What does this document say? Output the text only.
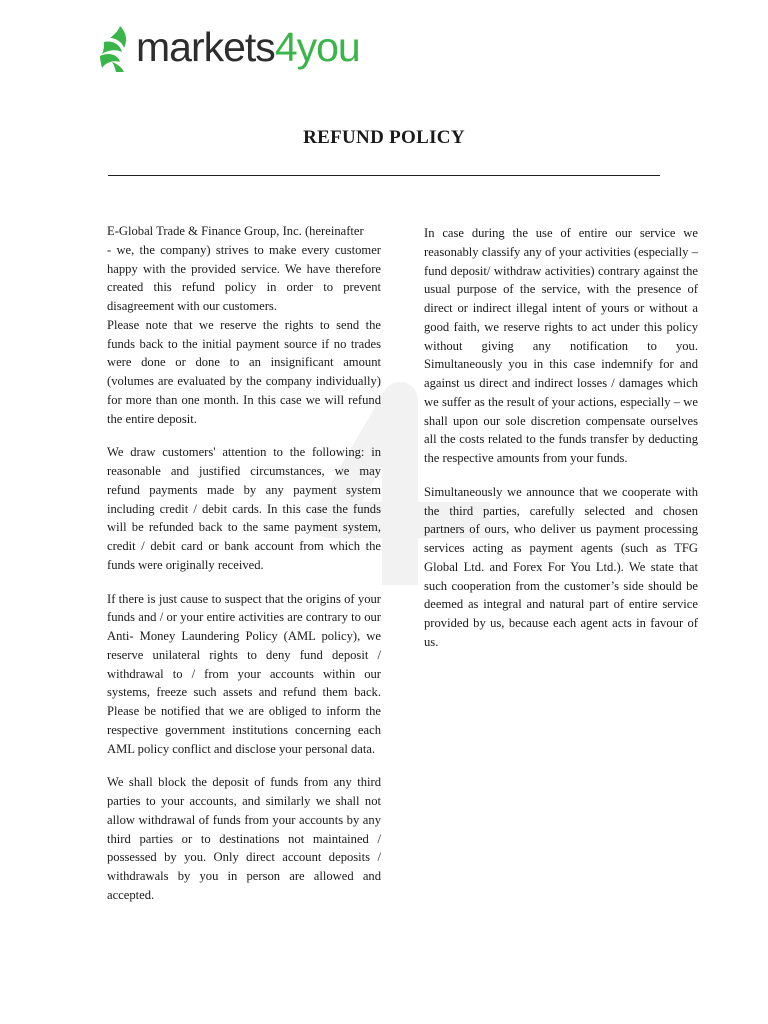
markets4you
REFUND POLICY

E-Global Trade & Finance Group, Inc. (hereinafter

- we, the company) strives to make every customer happy with the provided service. We have therefore created this refund policy in order to prevent disagreement with our customers.

Please note that we reserve the rights to send the funds back to the initial payment source if no trades were done or done to an insignificant amount (volumes are evaluated by the company individually) for more than one month. In this case we will refund the entire deposit.

We draw customers' attention to the following: in reasonable and justified circumstances, we may refund payments made by any payment system including credit / debit cards. In this case the funds will be refunded back to the same payment system, credit / debit card or bank account from which the funds were originally received.

If there is just cause to suspect that the origins of your funds and / or your entire activities are contrary to our Anti- Money Laundering Policy (AML policy), we reserve unilateral rights to deny fund deposit / withdrawal to / from your accounts within our systems, freeze such assets and refund them back. Please be notified that we are obliged to inform the respective government institutions concerning each AML policy conflict and disclose your personal data.

We shall block the deposit of funds from any third parties to your accounts, and similarly we shall not allow withdrawal of funds from your accounts by any third parties or to destinations not maintained / possessed by you. Only direct account deposits / withdrawals by you in person are allowed and accepted.

In case during the use of entire our service we reasonably classify any of your activities (especially – fund deposit/ withdraw activities) contrary against the usual purpose of the service, with the presence of direct or indirect illegal intent of yours or without a good faith, we reserve rights to act under this policy without giving any notification to you. Simultaneously you in this case indemnify for and against us direct and indirect losses / damages which we suffer as the result of your actions, especially – we shall upon our sole discretion compensate ourselves all the costs related to the funds transfer by deducting the respective amounts from your funds.

Simultaneously we announce that we cooperate with the third parties, carefully selected and chosen partners of ours, who deliver us payment processing services acting as payment agents (such as TFG Global Ltd. and Forex For You Ltd.). We state that such cooperation from the customer’s side should be deemed as integral and natural part of entire service provided by us, because each agent acts in favour of us.
